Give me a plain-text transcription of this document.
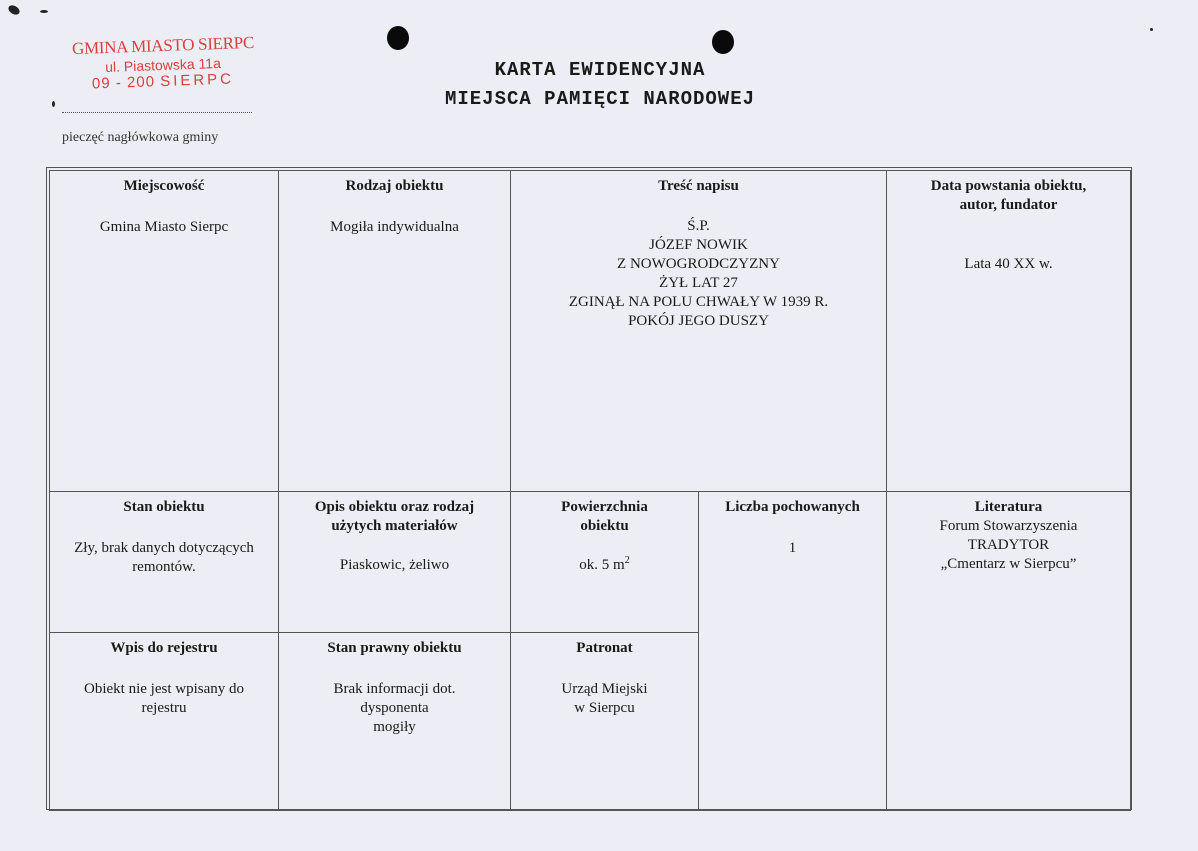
GMINA MIASTO SIERPC
ul. Piastowska 11a
09 - 200 SIERPC
pieczęć nagłówkowa gminy
KARTA EWIDENCYJNA
MIEJSCA PAMIĘCI NARODOWEJ
Miejscowość
Gmina Miasto Sierpc
Rodzaj obiektu
Mogiła indywidualna
Treść napisu
Ś.P.
JÓZEF NOWIK
Z NOWOGRODCZYZNY
ŻYŁ LAT 27
ZGINĄŁ NA POLU CHWAŁY W 1939 R.
POKÓJ JEGO DUSZY
Data powstania obiektu,
autor, fundator
Lata 40 XX w.
Stan obiektu
Zły, brak danych dotyczących
remontów.
Opis obiektu oraz rodzaj
użytych materiałów
Piaskowic, żeliwo
Powierzchnia
obiektu
ok. 5 $m^2$
Liczba pochowanych
1
Literatura
Forum Stowarzyszenia
TRADYTOR
„Cmentarz w Sierpcu”
Wpis do rejestru
Obiekt nie jest wpisany do
rejestru
Stan prawny obiektu
Brak informacji dot.
dysponenta
mogiły
Patronat
Urząd Miejski
w Sierpcu
